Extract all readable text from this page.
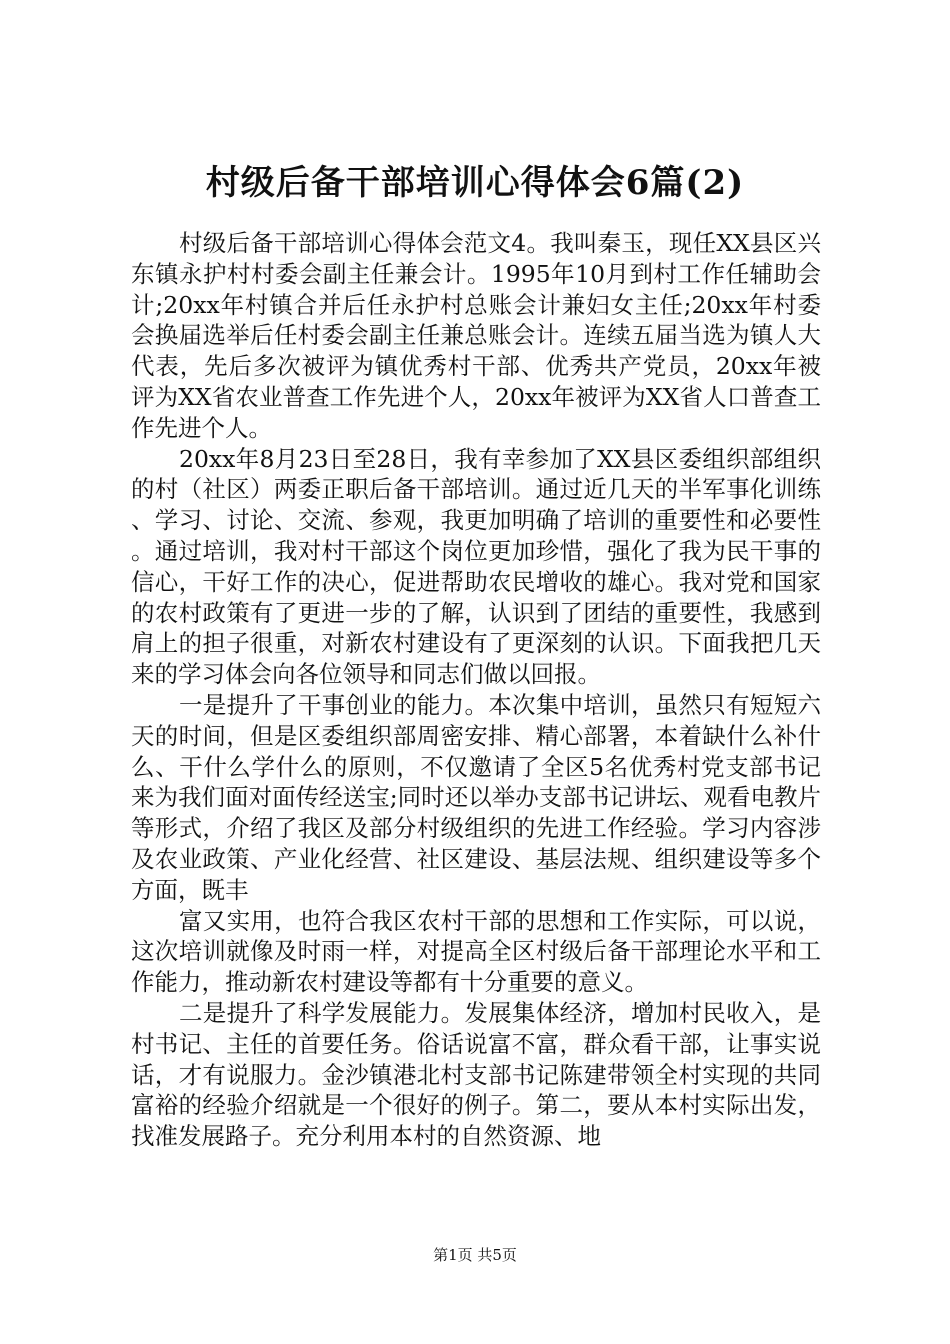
村级后备干部培训心得体会6篇(2)

村级后备干部培训心得体会范文4。我叫秦玉，现任XX县区兴东镇永护村村委会副主任兼会计。1995年10月到村工作任辅助会计;20xx年村镇合并后任永护村总账会计兼妇女主任;20xx年村委会换届选举后任村委会副主任兼总账会计。连续五届当选为镇人大代表，先后多次被评为镇优秀村干部、优秀共产党员，20xx年被评为XX省农业普查工作先进个人，20xx年被评为XX省人口普查工作先进个人。

20xx年8月23日至28日，我有幸参加了XX县区委组织部组织的村（社区）两委正职后备干部培训。通过近几天的半军事化训练、学习、讨论、交流、参观，我更加明确了培训的重要性和必要性。通过培训，我对村干部这个岗位更加珍惜，强化了我为民干事的信心，干好工作的决心，促进帮助农民增收的雄心。我对党和国家的农村政策有了更进一步的了解，认识到了团结的重要性，我感到肩上的担子很重，对新农村建设有了更深刻的认识。下面我把几天来的学习体会向各位领导和同志们做以回报。

一是提升了干事创业的能力。本次集中培训，虽然只有短短六天的时间，但是区委组织部周密安排、精心部署，本着缺什么补什么、干什么学什么的原则，不仅邀请了全区5名优秀村党支部书记来为我们面对面传经送宝;同时还以举办支部书记讲坛、观看电教片等形式，介绍了我区及部分村级组织的先进工作经验。学习内容涉及农业政策、产业化经营、社区建设、基层法规、组织建设等多个方面，既丰

富又实用，也符合我区农村干部的思想和工作实际，可以说，这次培训就像及时雨一样，对提高全区村级后备干部理论水平和工作能力，推动新农村建设等都有十分重要的意义。

二是提升了科学发展能力。发展集体经济，增加村民收入，是村书记、主任的首要任务。俗话说富不富，群众看干部，让事实说话，才有说服力。金沙镇港北村支部书记陈建带领全村实现的共同富裕的经验介绍就是一个很好的例子。第二，要从本村实际出发，找准发展路子。充分利用本村的自然资源、地

第1页 共5页
